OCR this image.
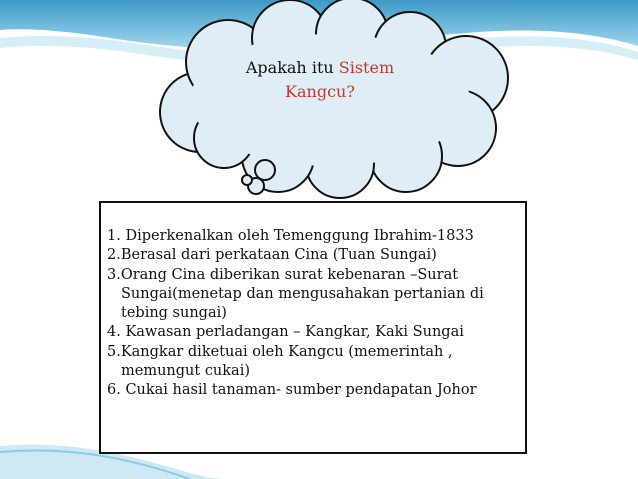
Apakah itu Sistem
Kangcu?

1. Diperkenalkan oleh Temenggung Ibrahim-1833

2.Berasal dari perkataan Cina (Tuan Sungai)

3.Orang Cina diberikan surat kebenaran –Surat

Sungai(menetap dan mengusahakan pertanian di

tebing sungai)

4. Kawasan perladangan – Kangkar, Kaki Sungai

5.Kangkar diketuai oleh Kangcu (memerintah ,

memungut cukai)

6. Cukai hasil tanaman- sumber pendapatan Johor
